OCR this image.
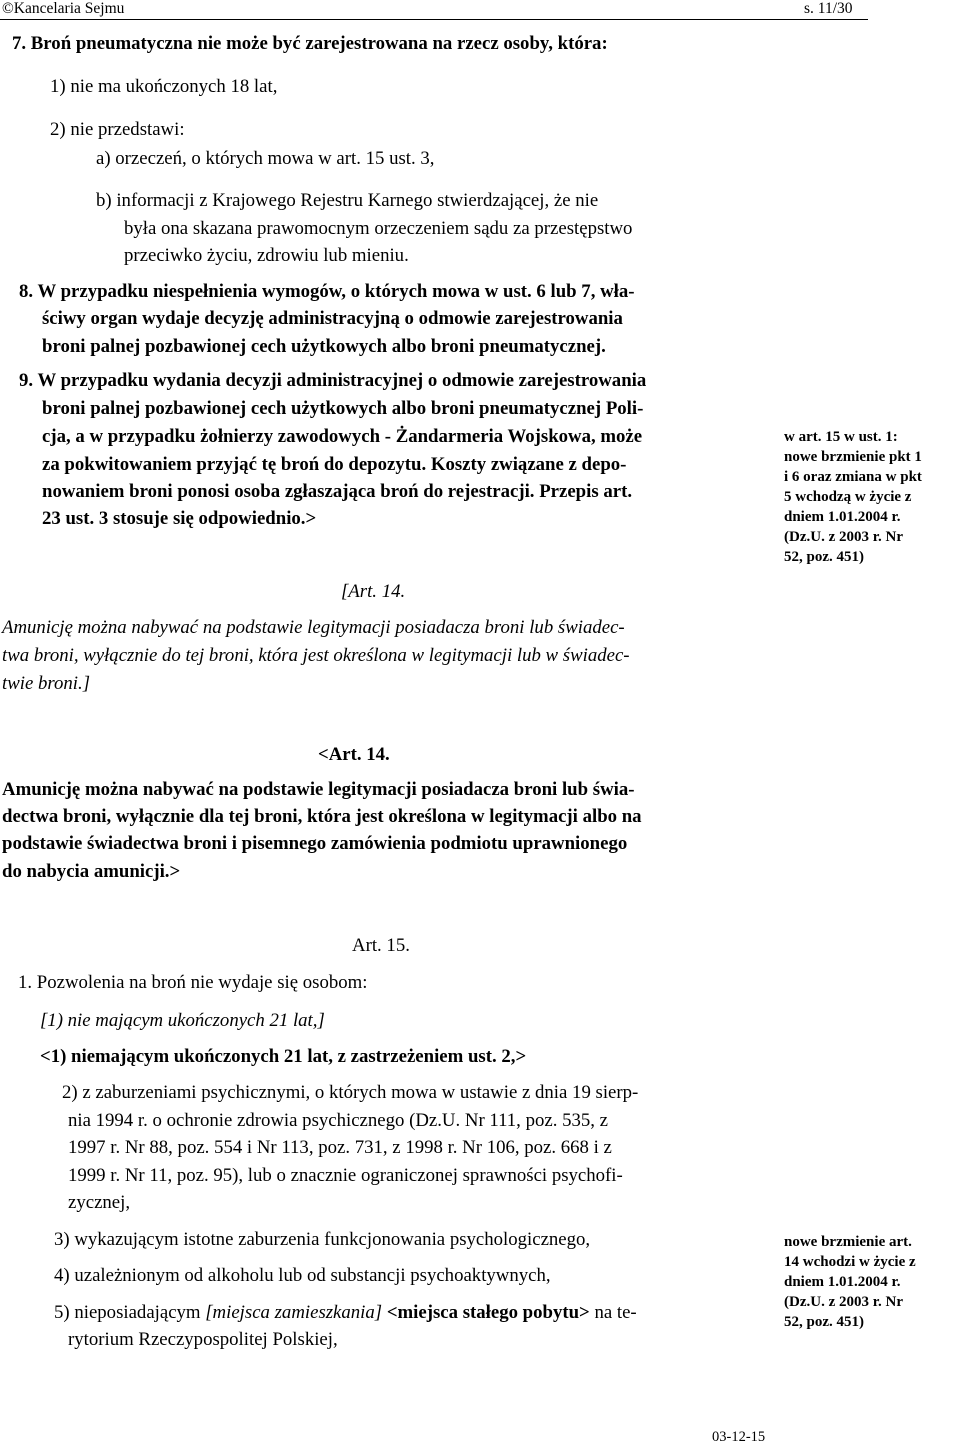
©Kancelaria Sejmu	s. 11/30
7. Broń pneumatyczna nie może być zarejestrowana na rzecz osoby, która:
1) nie ma ukończonych 18 lat,
2) nie przedstawi:
a) orzeczeń, o których mowa w art. 15 ust. 3,
b) informacji z Krajowego Rejestru Karnego stwierdzającej, że nie
była ona skazana prawomocnym orzeczeniem sądu za przestępstwo
przeciwko życiu, zdrowiu lub mieniu.
8. W przypadku niespełnienia wymogów, o których mowa w ust. 6 lub 7, wła-
ściwy organ wydaje decyzję administracyjną o odmowie zarejestrowania
broni palnej pozbawionej cech użytkowych albo broni pneumatycznej.
9. W przypadku wydania decyzji administracyjnej o odmowie zarejestrowania
broni palnej pozbawionej cech użytkowych albo broni pneumatycznej Poli-
cja, a w przypadku żołnierzy zawodowych - Żandarmeria Wojskowa, może
za pokwitowaniem przyjąć tę broń do depozytu. Koszty związane z depo-
nowaniem broni ponosi osoba zgłaszająca broń do rejestracji. Przepis art.
23 ust. 3 stosuje się odpowiednio.>
w art. 15 w ust. 1:
nowe brzmienie pkt 1
i 6 oraz zmiana w pkt
5 wchodzą w życie z
dniem 1.01.2004 r.
(Dz.U. z 2003 r. Nr
52, poz. 451)
[Art. 14.
Amunicję można nabywać na podstawie legitymacji posiadacza broni lub świadec-
twa broni, wyłącznie do tej broni, która jest określona w legitymacji lub w świadec-
twie broni.]
<Art. 14.
Amunicję można nabywać na podstawie legitymacji posiadacza broni lub świa-
dectwa broni, wyłącznie dla tej broni, która jest określona w legitymacji albo na
podstawie świadectwa broni i pisemnego zamówienia podmiotu uprawnionego
do nabycia amunicji.>
Art. 15.
1. Pozwolenia na broń nie wydaje się osobom:
[1) nie mającym ukończonych 21 lat,]
<1) niemającym ukończonych 21 lat, z zastrzeżeniem ust. 2,>
2) z zaburzeniami psychicznymi, o których mowa w ustawie z dnia 19 sierp-
nia 1994 r. o ochronie zdrowia psychicznego (Dz.U. Nr 111, poz. 535, z
1997 r. Nr 88, poz. 554 i Nr 113, poz. 731, z 1998 r. Nr 106, poz. 668 i z
1999 r. Nr 11, poz. 95), lub o znacznie ograniczonej sprawności psychofi-
zycznej,
3) wykazującym istotne zaburzenia funkcjonowania psychologicznego,
4) uzależnionym od alkoholu lub od substancji psychoaktywnych,
5) nieposiadającym [miejsca zamieszkania] <miejsca stałego pobytu> na te-
rytorium Rzeczypospolitej Polskiej,
nowe brzmienie art.
14 wchodzi w życie z
dniem 1.01.2004 r.
(Dz.U. z 2003 r. Nr
52, poz. 451)
03-12-15
